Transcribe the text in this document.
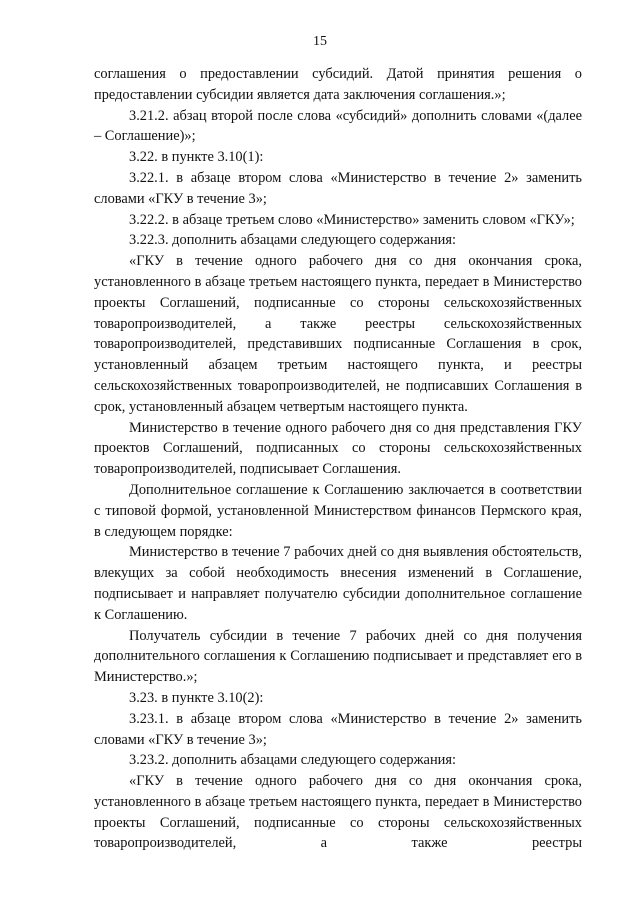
15

соглашения о предоставлении субсидий. Датой принятия решения о предоставлении субсидии является дата заключения соглашения.»;

3.21.2. абзац второй после слова «субсидий» дополнить словами «(далее – Соглашение)»;

3.22. в пункте 3.10(1):

3.22.1. в абзаце втором слова «Министерство в течение 2» заменить словами «ГКУ в течение 3»;

3.22.2. в абзаце третьем слово «Министерство» заменить словом «ГКУ»;

3.22.3. дополнить абзацами следующего содержания:

«ГКУ в течение одного рабочего дня со дня окончания срока, установленного в абзаце третьем настоящего пункта, передает в Министерство проекты Соглашений, подписанные со стороны сельскохозяйственных товаропроизводителей, а также реестры сельскохозяйственных товаропроизводителей, представивших подписанные Соглашения в срок, установленный абзацем третьим настоящего пункта, и реестры сельскохозяйственных товаропроизводителей, не подписавших Соглашения в срок, установленный абзацем четвертым настоящего пункта.

Министерство в течение одного рабочего дня со дня представления ГКУ проектов Соглашений, подписанных со стороны сельскохозяйственных товаропроизводителей, подписывает Соглашения.

Дополнительное соглашение к Соглашению заключается в соответствии с типовой формой, установленной Министерством финансов Пермского края, в следующем порядке:

Министерство в течение 7 рабочих дней со дня выявления обстоятельств, влекущих за собой необходимость внесения изменений в Соглашение, подписывает и направляет получателю субсидии дополнительное соглашение к Соглашению.

Получатель субсидии в течение 7 рабочих дней со дня получения дополнительного соглашения к Соглашению подписывает и представляет его в Министерство.»;

3.23. в пункте 3.10(2):

3.23.1. в абзаце втором слова «Министерство в течение 2» заменить словами «ГКУ в течение 3»;

3.23.2. дополнить абзацами следующего содержания:

«ГКУ в течение одного рабочего дня со дня окончания срока, установленного в абзаце третьем настоящего пункта, передает в Министерство проекты Соглашений, подписанные со стороны сельскохозяйственных товаропроизводителей, а также реестры
